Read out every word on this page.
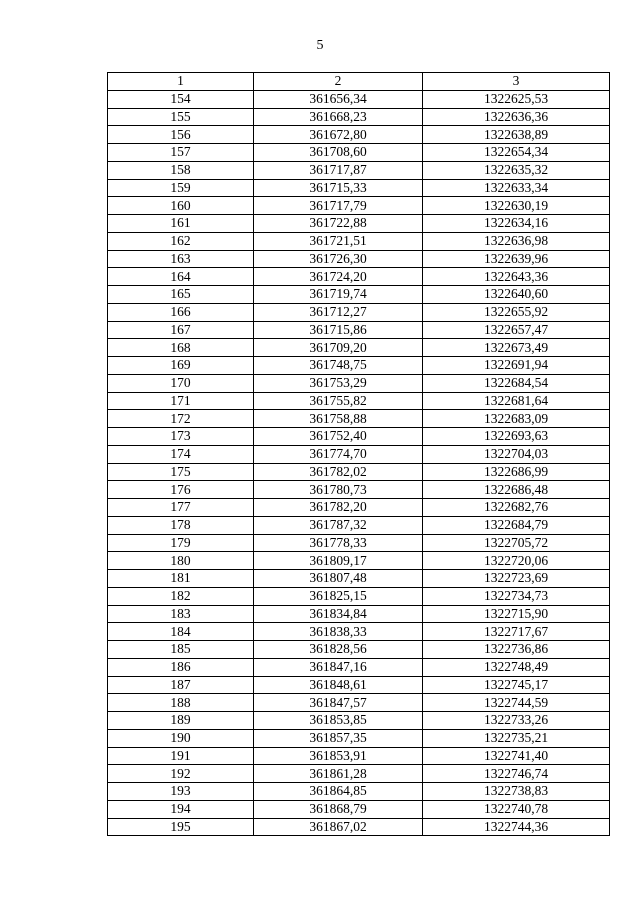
5
1	2	3
154	361656,34	1322625,53
155	361668,23	1322636,36
156	361672,80	1322638,89
157	361708,60	1322654,34
158	361717,87	1322635,32
159	361715,33	1322633,34
160	361717,79	1322630,19
161	361722,88	1322634,16
162	361721,51	1322636,98
163	361726,30	1322639,96
164	361724,20	1322643,36
165	361719,74	1322640,60
166	361712,27	1322655,92
167	361715,86	1322657,47
168	361709,20	1322673,49
169	361748,75	1322691,94
170	361753,29	1322684,54
171	361755,82	1322681,64
172	361758,88	1322683,09
173	361752,40	1322693,63
174	361774,70	1322704,03
175	361782,02	1322686,99
176	361780,73	1322686,48
177	361782,20	1322682,76
178	361787,32	1322684,79
179	361778,33	1322705,72
180	361809,17	1322720,06
181	361807,48	1322723,69
182	361825,15	1322734,73
183	361834,84	1322715,90
184	361838,33	1322717,67
185	361828,56	1322736,86
186	361847,16	1322748,49
187	361848,61	1322745,17
188	361847,57	1322744,59
189	361853,85	1322733,26
190	361857,35	1322735,21
191	361853,91	1322741,40
192	361861,28	1322746,74
193	361864,85	1322738,83
194	361868,79	1322740,78
195	361867,02	1322744,36
